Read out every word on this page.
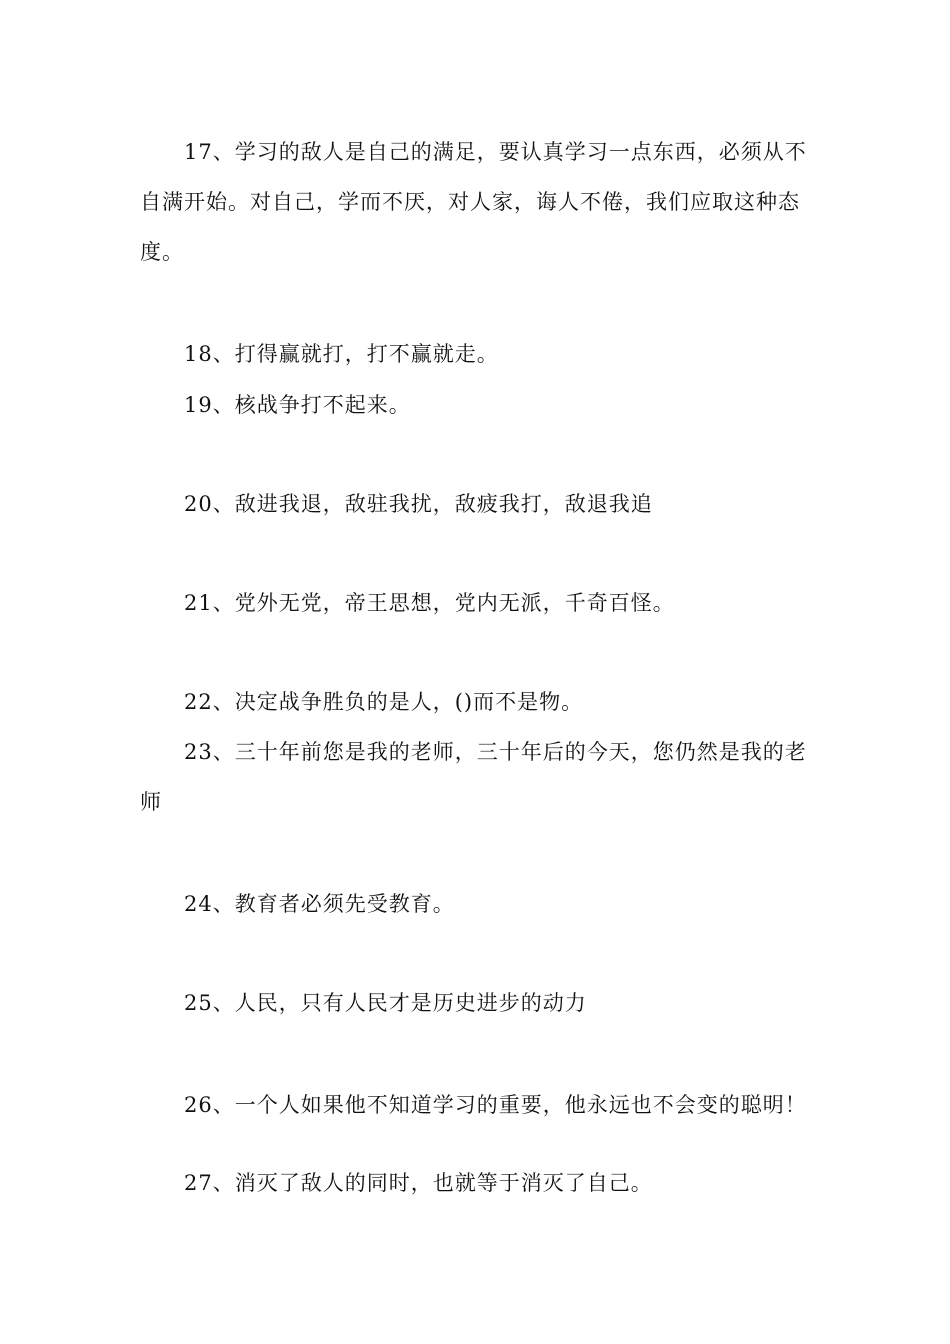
17、学习的敌人是自己的满足，要认真学习一点东西，必须从不自满开始。对自己，学而不厌，对人家，诲人不倦，我们应取这种态度。

18、打得赢就打，打不赢就走。

19、核战争打不起来。

20、敌进我退，敌驻我扰，敌疲我打，敌退我追

21、党外无党，帝王思想，党内无派，千奇百怪。

22、决定战争胜负的是人，()而不是物。

23、三十年前您是我的老师，三十年后的今天，您仍然是我的老师

24、教育者必须先受教育。

25、人民，只有人民才是历史进步的动力

26、一个人如果他不知道学习的重要，他永远也不会变的聪明！

27、消灭了敌人的同时，也就等于消灭了自己。
